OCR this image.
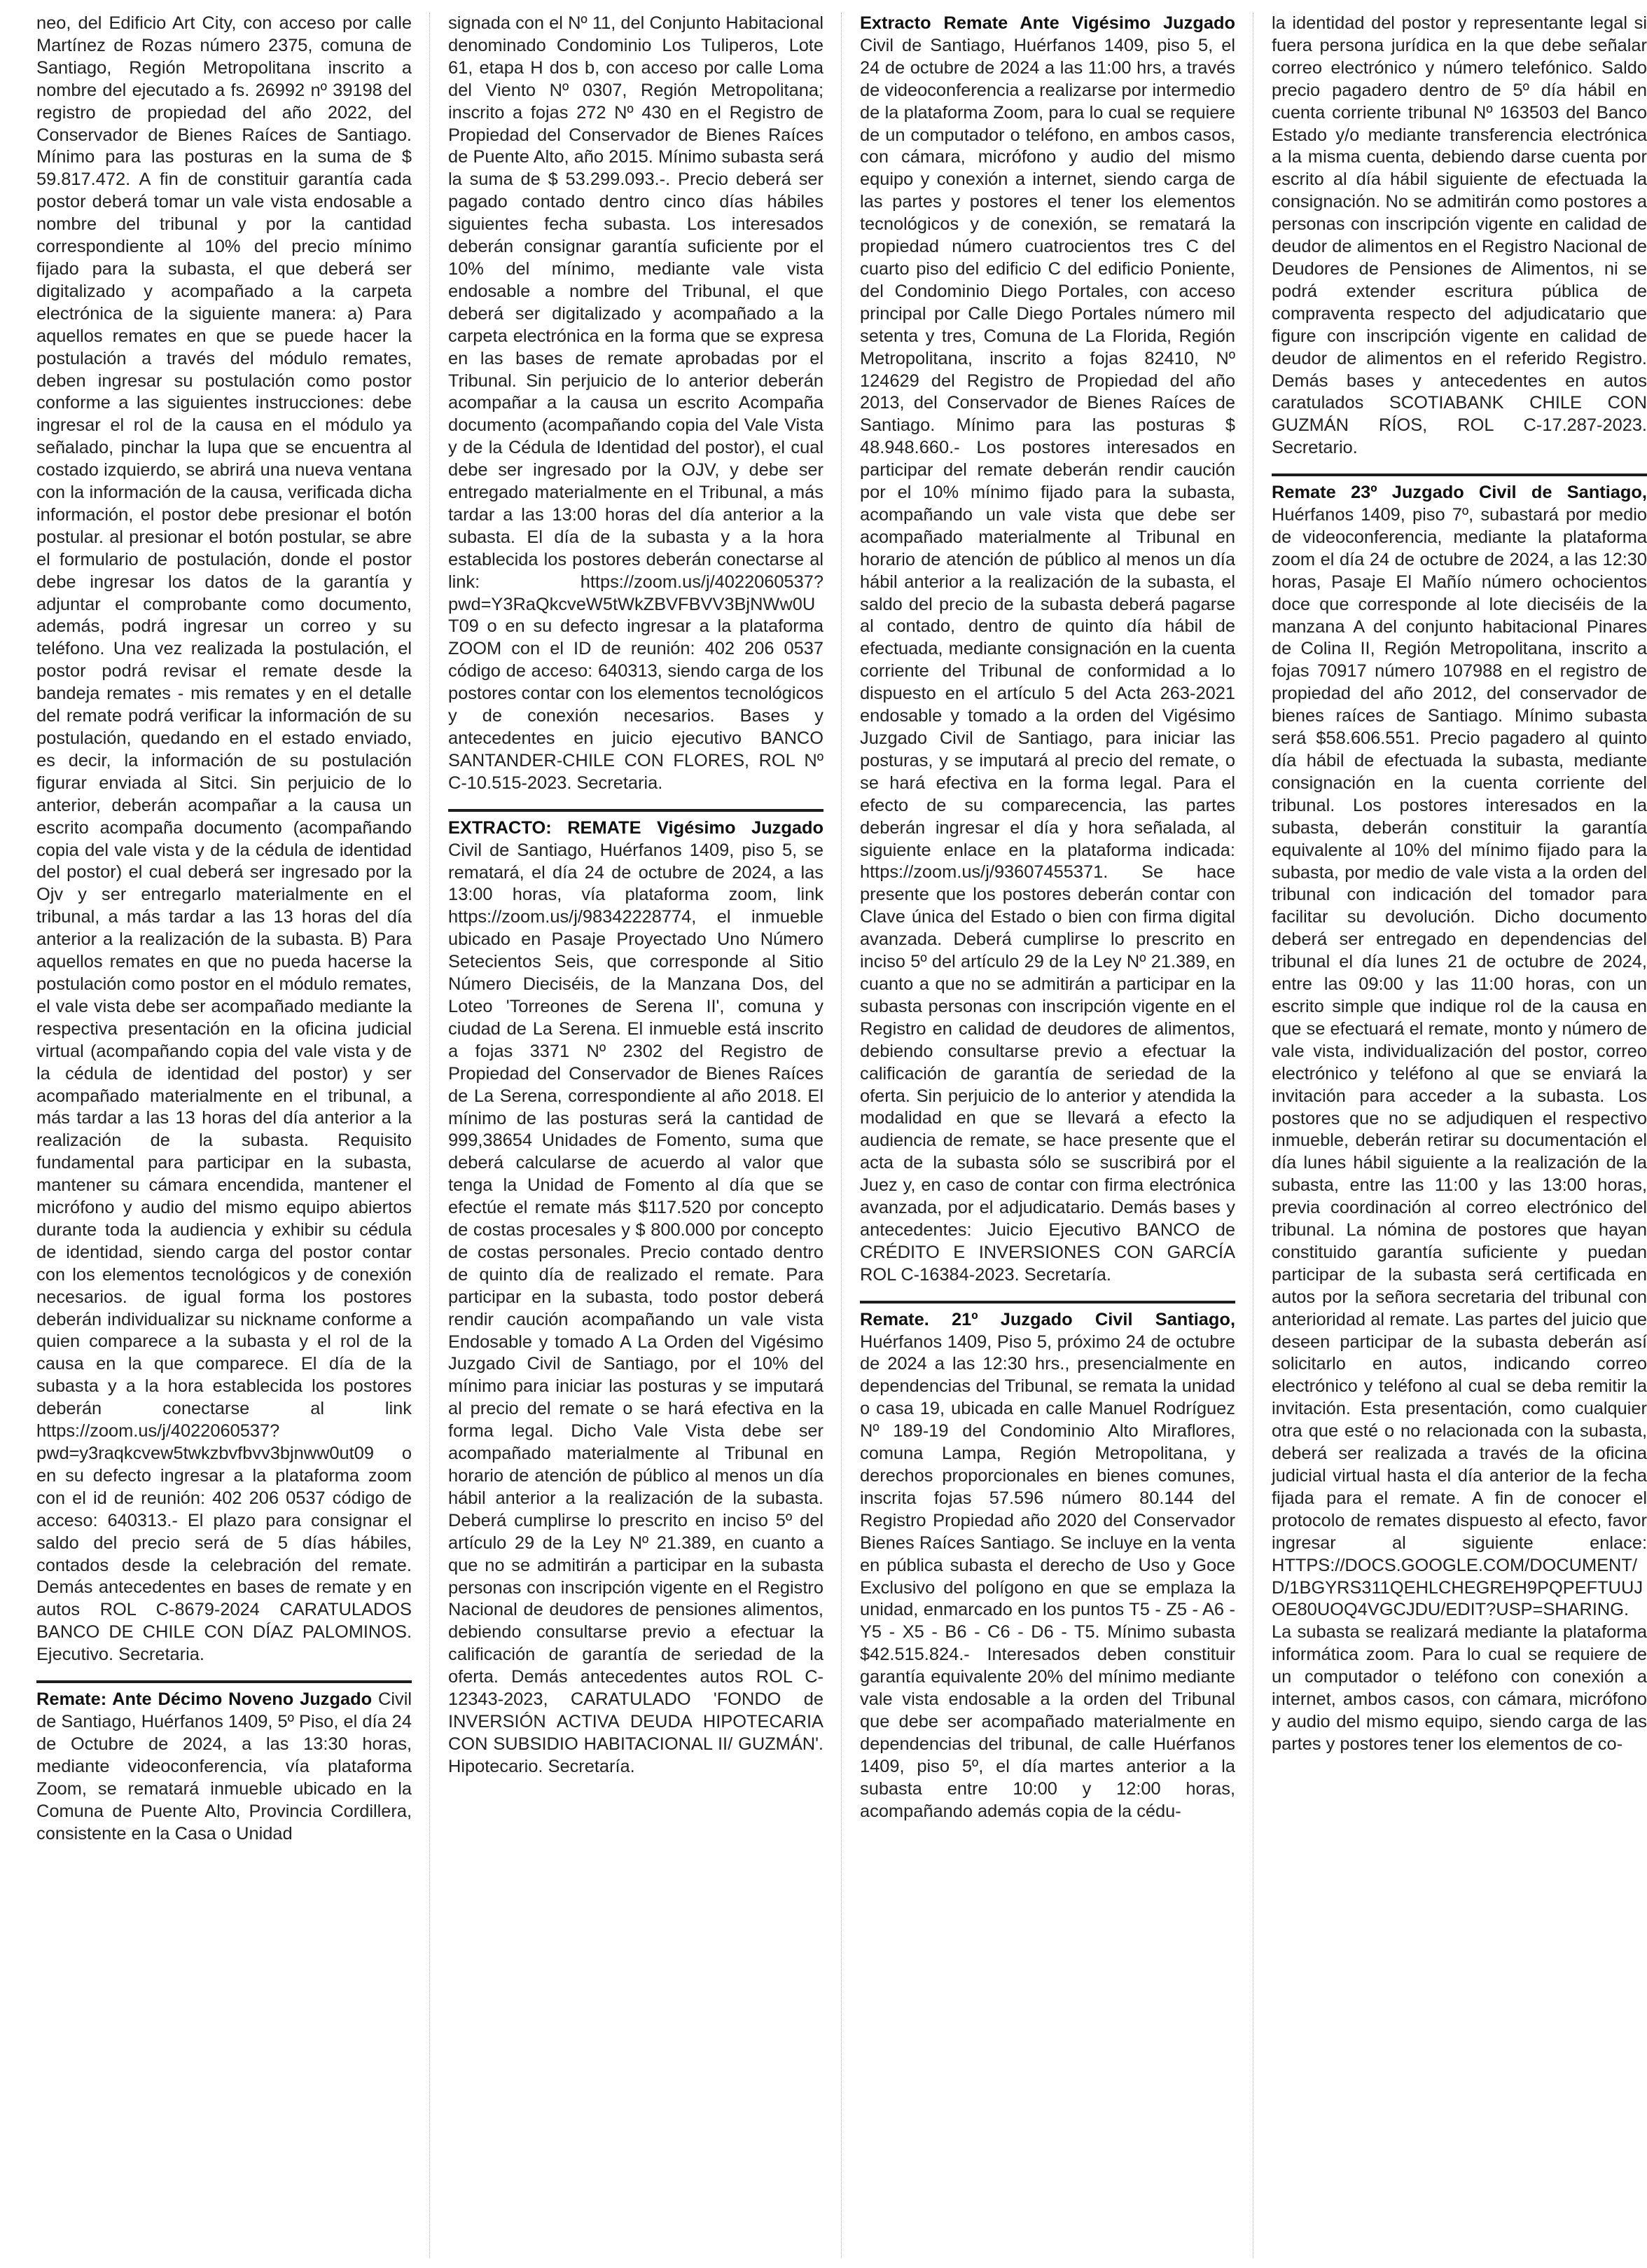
neo, del Edificio Art City, con acceso por calle Martínez de Rozas número 2375, comuna de Santiago, Región Metropolitana inscrito a nombre del ejecutado a fs. 26992 nº 39198 del registro de propiedad del año 2022, del Conservador de Bienes Raíces de Santiago. Mínimo para las posturas en la suma de $ 59.817.472. A fin de constituir garantía cada postor deberá tomar un vale vista endosable a nombre del tribunal y por la cantidad correspondiente al 10% del precio mínimo fijado para la subasta, el que deberá ser digitalizado y acompañado a la carpeta electrónica de la siguiente manera: a) Para aquellos remates en que se puede hacer la postulación a través del módulo remates, deben ingresar su postulación como postor conforme a las siguientes instrucciones: debe ingresar el rol de la causa en el módulo ya señalado, pinchar la lupa que se encuentra al costado izquierdo, se abrirá una nueva ventana con la información de la causa, verificada dicha información, el postor debe presionar el botón postular. al presionar el botón postular, se abre el formulario de postulación, donde el postor debe ingresar los datos de la garantía y adjuntar el comprobante como documento, además, podrá ingresar un correo y su teléfono. Una vez realizada la postulación, el postor podrá revisar el remate desde la bandeja remates - mis remates y en el detalle del remate podrá verificar la información de su postulación, quedando en el estado enviado, es decir, la información de su postulación figurar enviada al Sitci. Sin perjuicio de lo anterior, deberán acompañar a la causa un escrito acompaña documento (acompañando copia del vale vista y de la cédula de identidad del postor) el cual deberá ser ingresado por la Ojv y ser entregarlo materialmente en el tribunal, a más tardar a las 13 horas del día anterior a la realización de la subasta. B) Para aquellos remates en que no pueda hacerse la postulación como postor en el módulo remates, el vale vista debe ser acompañado mediante la respectiva presentación en la oficina judicial virtual (acompañando copia del vale vista y de la cédula de identidad del postor) y ser acompañado materialmente en el tribunal, a más tardar a las 13 horas del día anterior a la realización de la subasta. Requisito fundamental para participar en la subasta, mantener su cámara encendida, mantener el micrófono y audio del mismo equipo abiertos durante toda la audiencia y exhibir su cédula de identidad, siendo carga del postor contar con los elementos tecnológicos y de conexión necesarios. de igual forma los postores deberán individualizar su nickname conforme a quien comparece a la subasta y el rol de la causa en la que comparece. El día de la subasta y a la hora establecida los postores deberán conectarse al link https://zoom.us/j/4022060537?pwd=y3raqkcvew5twkzbvfbvv3bjnww0ut09 o en su defecto ingresar a la plataforma zoom con el id de reunión: 402 206 0537 código de acceso: 640313.- El plazo para consignar el saldo del precio será de 5 días hábiles, contados desde la celebración del remate. Demás antecedentes en bases de remate y en autos ROL C-8679-2024 CARATULADOS BANCO DE CHILE CON DÍAZ PALOMINOS. Ejecutivo. Secretaria.

Remate: Ante Décimo Noveno Juzgado Civil de Santiago, Huérfanos 1409, 5º Piso, el día 24 de Octubre de 2024, a las 13:30 horas, mediante videoconferencia, vía plataforma Zoom, se rematará inmueble ubicado en la Comuna de Puente Alto, Provincia Cordillera, consistente en la Casa o Unidad

signada con el Nº 11, del Conjunto Habitacional denominado Condominio Los Tuliperos, Lote 61, etapa H dos b, con acceso por calle Loma del Viento Nº 0307, Región Metropolitana; inscrito a fojas 272 Nº 430 en el Registro de Propiedad del Conservador de Bienes Raíces de Puente Alto, año 2015. Mínimo subasta será la suma de $ 53.299.093.-. Precio deberá ser pagado contado dentro cinco días hábiles siguientes fecha subasta. Los interesados deberán consignar garantía suficiente por el 10% del mínimo, mediante vale vista endosable a nombre del Tribunal, el que deberá ser digitalizado y acompañado a la carpeta electrónica en la forma que se expresa en las bases de remate aprobadas por el Tribunal. Sin perjuicio de lo anterior deberán acompañar a la causa un escrito Acompaña documento (acompañando copia del Vale Vista y de la Cédula de Identidad del postor), el cual debe ser ingresado por la OJV, y debe ser entregado materialmente en el Tribunal, a más tardar a las 13:00 horas del día anterior a la subasta. El día de la subasta y a la hora establecida los postores deberán conectarse al link: https://zoom.us/j/4022060537?pwd=Y3RaQkcveW5tWkZBVFBVV3BjNWw0UT09 o en su defecto ingresar a la plataforma ZOOM con el ID de reunión: 402 206 0537 código de acceso: 640313, siendo carga de los postores contar con los elementos tecnológicos y de conexión necesarios. Bases y antecedentes en juicio ejecutivo BANCO SANTANDER-CHILE CON FLORES, ROL Nº C-10.515-2023. Secretaria.

EXTRACTO: REMATE Vigésimo Juzgado Civil de Santiago, Huérfanos 1409, piso 5, se rematará, el día 24 de octubre de 2024, a las 13:00 horas, vía plataforma zoom, link https://zoom.us/j/98342228774, el inmueble ubicado en Pasaje Proyectado Uno Número Setecientos Seis, que corresponde al Sitio Número Dieciséis, de la Manzana Dos, del Loteo 'Torreones de Serena II', comuna y ciudad de La Serena. El inmueble está inscrito a fojas 3371 Nº 2302 del Registro de Propiedad del Conservador de Bienes Raíces de La Serena, correspondiente al año 2018. El mínimo de las posturas será la cantidad de 999,38654 Unidades de Fomento, suma que deberá calcularse de acuerdo al valor que tenga la Unidad de Fomento al día que se efectúe el remate más $117.520 por concepto de costas procesales y $ 800.000 por concepto de costas personales. Precio contado dentro de quinto día de realizado el remate. Para participar en la subasta, todo postor deberá rendir caución acompañando un vale vista Endosable y tomado A La Orden del Vigésimo Juzgado Civil de Santiago, por el 10% del mínimo para iniciar las posturas y se imputará al precio del remate o se hará efectiva en la forma legal. Dicho Vale Vista debe ser acompañado materialmente al Tribunal en horario de atención de público al menos un día hábil anterior a la realización de la subasta. Deberá cumplirse lo prescrito en inciso 5º del artículo 29 de la Ley Nº 21.389, en cuanto a que no se admitirán a participar en la subasta personas con inscripción vigente en el Registro Nacional de deudores de pensiones alimentos, debiendo consultarse previo a efectuar la calificación de garantía de seriedad de la oferta. Demás antecedentes autos ROL C-12343-2023, CARATULADO 'FONDO de INVERSIÓN ACTIVA DEUDA HIPOTECARIA CON SUBSIDIO HABITACIONAL II/ GUZMÁN'. Hipotecario. Secretaría.

Extracto Remate Ante Vigésimo Juzgado Civil de Santiago, Huérfanos 1409, piso 5, el 24 de octubre de 2024 a las 11:00 hrs, a través de videoconferencia a realizarse por intermedio de la plataforma Zoom, para lo cual se requiere de un computador o teléfono, en ambos casos, con cámara, micrófono y audio del mismo equipo y conexión a internet, siendo carga de las partes y postores el tener los elementos tecnológicos y de conexión, se rematará la propiedad número cuatrocientos tres C del cuarto piso del edificio C del edificio Poniente, del Condominio Diego Portales, con acceso principal por Calle Diego Portales número mil setenta y tres, Comuna de La Florida, Región Metropolitana, inscrito a fojas 82410, Nº 124629 del Registro de Propiedad del año 2013, del Conservador de Bienes Raíces de Santiago. Mínimo para las posturas $ 48.948.660.- Los postores interesados en participar del remate deberán rendir caución por el 10% mínimo fijado para la subasta, acompañando un vale vista que debe ser acompañado materialmente al Tribunal en horario de atención de público al menos un día hábil anterior a la realización de la subasta, el saldo del precio de la subasta deberá pagarse al contado, dentro de quinto día hábil de efectuada, mediante consignación en la cuenta corriente del Tribunal de conformidad a lo dispuesto en el artículo 5 del Acta 263-2021 endosable y tomado a la orden del Vigésimo Juzgado Civil de Santiago, para iniciar las posturas, y se imputará al precio del remate, o se hará efectiva en la forma legal. Para el efecto de su comparecencia, las partes deberán ingresar el día y hora señalada, al siguiente enlace en la plataforma indicada: https://zoom.us/j/93607455371. Se hace presente que los postores deberán contar con Clave única del Estado o bien con firma digital avanzada. Deberá cumplirse lo prescrito en inciso 5º del artículo 29 de la Ley Nº 21.389, en cuanto a que no se admitirán a participar en la subasta personas con inscripción vigente en el Registro en calidad de deudores de alimentos, debiendo consultarse previo a efectuar la calificación de garantía de seriedad de la oferta. Sin perjuicio de lo anterior y atendida la modalidad en que se llevará a efecto la audiencia de remate, se hace presente que el acta de la subasta sólo se suscribirá por el Juez y, en caso de contar con firma electrónica avanzada, por el adjudicatario. Demás bases y antecedentes: Juicio Ejecutivo BANCO de CRÉDITO E INVERSIONES CON GARCÍA ROL C-16384-2023. Secretaría.

Remate. 21º Juzgado Civil Santiago, Huérfanos 1409, Piso 5, próximo 24 de octubre de 2024 a las 12:30 hrs., presencialmente en dependencias del Tribunal, se remata la unidad o casa 19, ubicada en calle Manuel Rodríguez Nº 189-19 del Condominio Alto Miraflores, comuna Lampa, Región Metropolitana, y derechos proporcionales en bienes comunes, inscrita fojas 57.596 número 80.144 del Registro Propiedad año 2020 del Conservador Bienes Raíces Santiago. Se incluye en la venta en pública subasta el derecho de Uso y Goce Exclusivo del polígono en que se emplaza la unidad, enmarcado en los puntos T5 - Z5 - A6 - Y5 - X5 - B6 - C6 - D6 - T5. Mínimo subasta $42.515.824.- Interesados deben constituir garantía equivalente 20% del mínimo mediante vale vista endosable a la orden del Tribunal que debe ser acompañado materialmente en dependencias del tribunal, de calle Huérfanos 1409, piso 5º, el día martes anterior a la subasta entre 10:00 y 12:00 horas, acompañando además copia de la cédu-

la identidad del postor y representante legal si fuera persona jurídica en la que debe señalar correo electrónico y número telefónico. Saldo precio pagadero dentro de 5º día hábil en cuenta corriente tribunal Nº 163503 del Banco Estado y/o mediante transferencia electrónica a la misma cuenta, debiendo darse cuenta por escrito al día hábil siguiente de efectuada la consignación. No se admitirán como postores a personas con inscripción vigente en calidad de deudor de alimentos en el Registro Nacional de Deudores de Pensiones de Alimentos, ni se podrá extender escritura pública de compraventa respecto del adjudicatario que figure con inscripción vigente en calidad de deudor de alimentos en el referido Registro. Demás bases y antecedentes en autos caratulados SCOTIABANK CHILE CON GUZMÁN RÍOS, ROL C-17.287-2023. Secretario.

Remate 23º Juzgado Civil de Santiago, Huérfanos 1409, piso 7º, subastará por medio de videoconferencia, mediante la plataforma zoom el día 24 de octubre de 2024, a las 12:30 horas, Pasaje El Mañío número ochocientos doce que corresponde al lote dieciséis de la manzana A del conjunto habitacional Pinares de Colina II, Región Metropolitana, inscrito a fojas 70917 número 107988 en el registro de propiedad del año 2012, del conservador de bienes raíces de Santiago. Mínimo subasta será $58.606.551. Precio pagadero al quinto día hábil de efectuada la subasta, mediante consignación en la cuenta corriente del tribunal. Los postores interesados en la subasta, deberán constituir la garantía equivalente al 10% del mínimo fijado para la subasta, por medio de vale vista a la orden del tribunal con indicación del tomador para facilitar su devolución. Dicho documento deberá ser entregado en dependencias del tribunal el día lunes 21 de octubre de 2024, entre las 09:00 y las 11:00 horas, con un escrito simple que indique rol de la causa en que se efectuará el remate, monto y número de vale vista, individualización del postor, correo electrónico y teléfono al que se enviará la invitación para acceder a la subasta. Los postores que no se adjudiquen el respectivo inmueble, deberán retirar su documentación el día lunes hábil siguiente a la realización de la subasta, entre las 11:00 y las 13:00 horas, previa coordinación al correo electrónico del tribunal. La nómina de postores que hayan constituido garantía suficiente y puedan participar de la subasta será certificada en autos por la señora secretaria del tribunal con anterioridad al remate. Las partes del juicio que deseen participar de la subasta deberán así solicitarlo en autos, indicando correo electrónico y teléfono al cual se deba remitir la invitación. Esta presentación, como cualquier otra que esté o no relacionada con la subasta, deberá ser realizada a través de la oficina judicial virtual hasta el día anterior de la fecha fijada para el remate. A fin de conocer el protocolo de remates dispuesto al efecto, favor ingresar al siguiente enlace: HTTPS://DOCS.GOOGLE.COM/DOCUMENT/D/1BGYRS311QEHLCHEGREH9PQPEFTUUJOE80UOQ4VGCJDU/EDIT?USP=SHARING. La subasta se realizará mediante la plataforma informática zoom. Para lo cual se requiere de un computador o teléfono con conexión a internet, ambos casos, con cámara, micrófono y audio del mismo equipo, siendo carga de las partes y postores tener los elementos de co-
